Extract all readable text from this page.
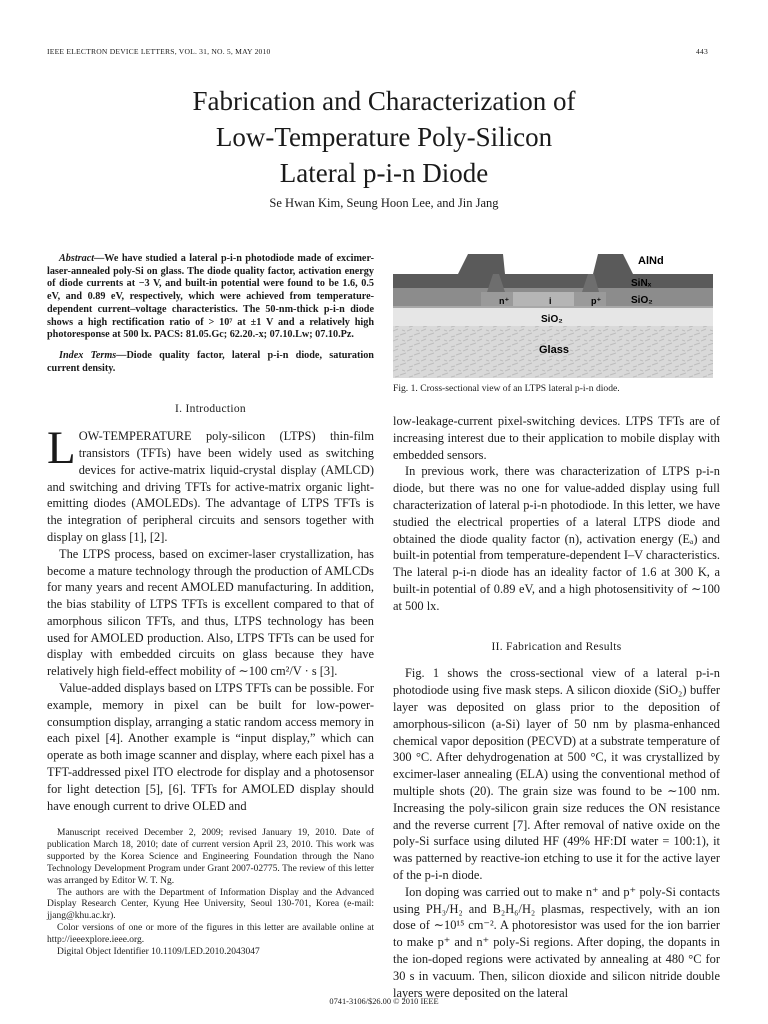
IEEE ELECTRON DEVICE LETTERS, VOL. 31, NO. 5, MAY 2010	443
Fabrication and Characterization of
Low-Temperature Poly-Silicon
Lateral p-i-n Diode
Se Hwan Kim, Seung Hoon Lee, and Jin Jang
Abstract—We have studied a lateral p-i-n photodiode made of excimer-laser-annealed poly-Si on glass. The diode quality factor, activation energy of diode currents at −3 V, and built-in potential were found to be 1.6, 0.5 eV, and 0.89 eV, respectively, which were achieved from temperature-dependent current–voltage characteristics. The 50-nm-thick p-i-n diode shows a high rectification ratio of > 10⁷ at ±1 V and a relatively high photoresponse at 500 lx. PACS: 81.05.Gc; 62.20.-x; 07.10.Lw; 07.10.Pz.
Index Terms—Diode quality factor, lateral p-i-n diode, saturation current density.
I. Introduction

LOW-TEMPERATURE poly-silicon (LTPS) thin-film transistors (TFTs) have been widely used as switching devices for active-matrix liquid-crystal display (AMLCD) and switching and driving TFTs for active-matrix organic light-emitting diodes (AMOLEDs). The advantage of LTPS TFTs is the integration of peripheral circuits and sensors together with display on glass [1], [2].

The LTPS process, based on excimer-laser crystallization, has become a mature technology through the production of AMLCDs for many years and recent AMOLED manufacturing. In addition, the bias stability of LTPS TFTs is excellent compared to that of amorphous silicon TFTs, and thus, LTPS technology has been used for AMOLED production. Also, LTPS TFTs can be used for display with embedded circuits on glass because they have relatively high field-effect mobility of ∼100 cm²/V · s [3].

Value-added displays based on LTPS TFTs can be possible. For example, memory in pixel can be built for low-power-consumption display, arranging a static random access memory in each pixel [4]. Another example is “input display,” which can operate as both image scanner and display, where each pixel has a TFT-addressed pixel ITO electrode for display and a photosensor for light detection [5], [6]. TFTs for AMOLED display should have enough current to drive OLED and

Manuscript received December 2, 2009; revised January 19, 2010. Date of publication March 18, 2010; date of current version April 23, 2010. This work was supported by the Korea Science and Engineering Foundation through the Nano Technology Development Program under Grant 2007-02775. The review of this letter was arranged by Editor W. T. Ng.

The authors are with the Department of Information Display and the Advanced Display Research Center, Kyung Hee University, Seoul 130-701, Korea (e-mail: jjang@khu.ac.kr).

Color versions of one or more of the figures in this letter are available online at http://ieeexplore.ieee.org.

Digital Object Identifier 10.1109/LED.2010.2043047

AlNd
SiNₓ
SiO₂
n⁺	i	p⁺
SiO₂
Glass
Fig. 1. Cross-sectional view of an LTPS lateral p-i-n diode.

low-leakage-current pixel-switching devices. LTPS TFTs are of increasing interest due to their application to mobile display with embedded sensors.

In previous work, there was characterization of LTPS p-i-n diode, but there was no one for value-added display using full characterization of lateral p-i-n photodiode. In this letter, we have studied the electrical properties of a lateral LTPS diode and obtained the diode quality factor (n), activation energy (Eₐ) and built-in potential from temperature-dependent I–V characteristics. The lateral p-i-n diode has an ideality factor of 1.6 at 300 K, a built-in potential of 0.89 eV, and a high photosensitivity of ∼100 at 500 lx.

II. Fabrication and Results

Fig. 1 shows the cross-sectional view of a lateral p-i-n photodiode using five mask steps. A silicon dioxide (SiO₂) buffer layer was deposited on glass prior to the deposition of amorphous-silicon (a-Si) layer of 50 nm by plasma-enhanced chemical vapor deposition (PECVD) at a substrate temperature of 300 °C. After dehydrogenation at 500 °C, it was crystallized by excimer-laser annealing (ELA) using the conventional method of multiple shots (20). The grain size was found to be ∼100 nm. Increasing the poly-silicon grain size reduces the ON resistance and the reverse current [7]. After removal of native oxide on the poly-Si surface using diluted HF (49% HF:DI water = 100:1), it was patterned by reactive-ion etching to use it for the active layer of the p-i-n diode.

Ion doping was carried out to make n⁺ and p⁺ poly-Si contacts using PH₃/H₂ and B₂H₆/H₂ plasmas, respectively, with an ion dose of ∼10¹⁵ cm⁻². A photoresistor was used for the ion barrier to make p⁺ and n⁺ poly-Si regions. After doping, the dopants in the ion-doped regions were activated by annealing at 480 °C for 30 s in vacuum. Then, silicon dioxide and silicon nitride double layers were deposited on the lateral

0741-3106/$26.00 © 2010 IEEE
